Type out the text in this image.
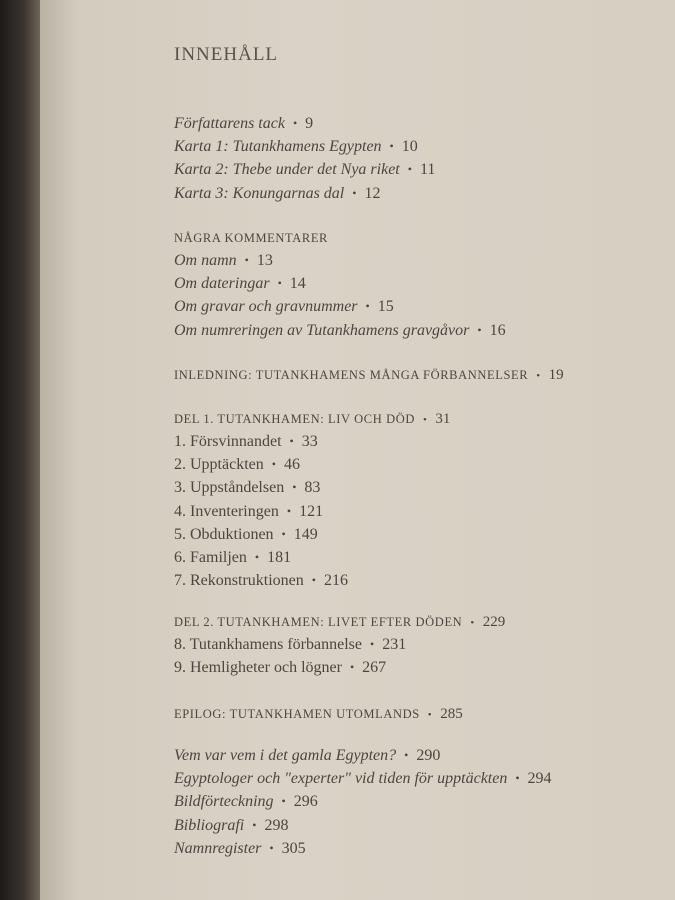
INNEHÅLL
Författarens tack • 9
Karta 1: Tutankhamens Egypten • 10
Karta 2: Thebe under det Nya riket • 11
Karta 3: Konungarnas dal • 12
NÅGRA KOMMENTARER
Om namn • 13
Om dateringar • 14
Om gravar och gravnummer • 15
Om numreringen av Tutankhamens gravgåvor • 16
INLEDNING: TUTANKHAMENS MÅNGA FÖRBANNELSER • 19
DEL 1. TUTANKHAMEN: LIV OCH DÖD • 31
1. Försvinnandet • 33
2. Upptäckten • 46
3. Uppståndelsen • 83
4. Inventeringen • 121
5. Obduktionen • 149
6. Familjen • 181
7. Rekonstruktionen • 216
DEL 2. TUTANKHAMEN: LIVET EFTER DÖDEN • 229
8. Tutankhamens förbannelse • 231
9. Hemligheter och lögner • 267
EPILOG: TUTANKHAMEN UTOMLANDS • 285
Vem var vem i det gamla Egypten? • 290
Egyptologer och "experter" vid tiden för upptäckten • 294
Bildförteckning • 296
Bibliografi • 298
Namnregister • 305
